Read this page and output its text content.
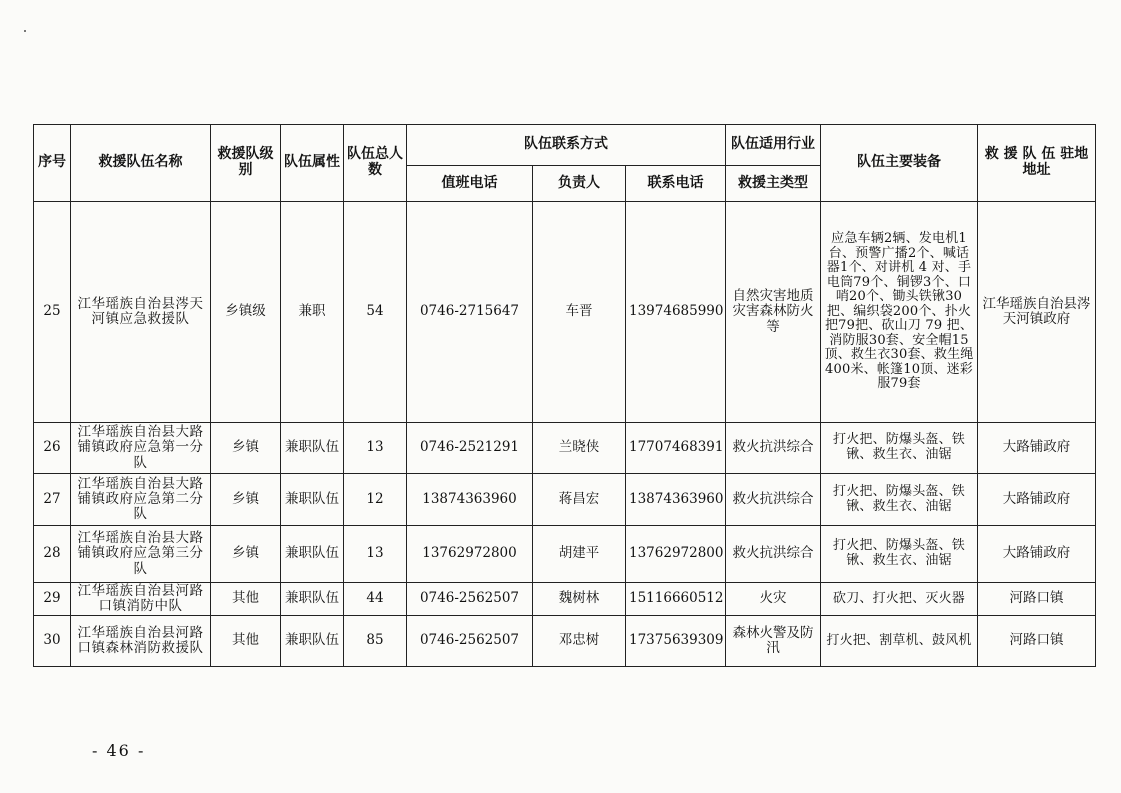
序号	救援队伍名称	救援队级别	队伍属性	队伍总人数	队伍联系方式			队伍适用行业	队伍主要装备	救 援 队 伍 驻地地址
					值班电话	负责人	联系电话	救援主类型		
25	江华瑶族自治县涔天河镇应急救援队	乡镇级	兼职	54	0746-2715647	车晋	13974685990	自然灾害地质灾害森林防火等	应急车辆2辆、发电机1台、预警广播2个、喊话器1个、对讲机 4 对、手电筒79个、铜锣3个、口哨20个、锄头铁锹30把、编织袋200个、扑火把79把、砍山刀 79 把、消防服30套、安全帽15顶、救生衣30套、救生绳400米、帐篷10顶、迷彩服79套	江华瑶族自治县涔天河镇政府
26	江华瑶族自治县大路铺镇政府应急第一分队	乡镇	兼职队伍	13	0746-2521291	兰晓侠	17707468391	救火抗洪综合	打火把、防爆头盔、铁锹、救生衣、油锯	大路铺政府
27	江华瑶族自治县大路铺镇政府应急第二分队	乡镇	兼职队伍	12	13874363960	蒋昌宏	13874363960	救火抗洪综合	打火把、防爆头盔、铁锹、救生衣、油锯	大路铺政府
28	江华瑶族自治县大路铺镇政府应急第三分队	乡镇	兼职队伍	13	13762972800	胡建平	13762972800	救火抗洪综合	打火把、防爆头盔、铁锹、救生衣、油锯	大路铺政府
29	江华瑶族自治县河路口镇消防中队	其他	兼职队伍	44	0746-2562507	魏树林	15116660512	火灾	砍刀、打火把、灭火器	河路口镇
30	江华瑶族自治县河路口镇森林消防救援队	其他	兼职队伍	85	0746-2562507	邓忠树	17375639309	森林火警及防汛	打火把、割草机、鼓风机	河路口镇
- 46 -
